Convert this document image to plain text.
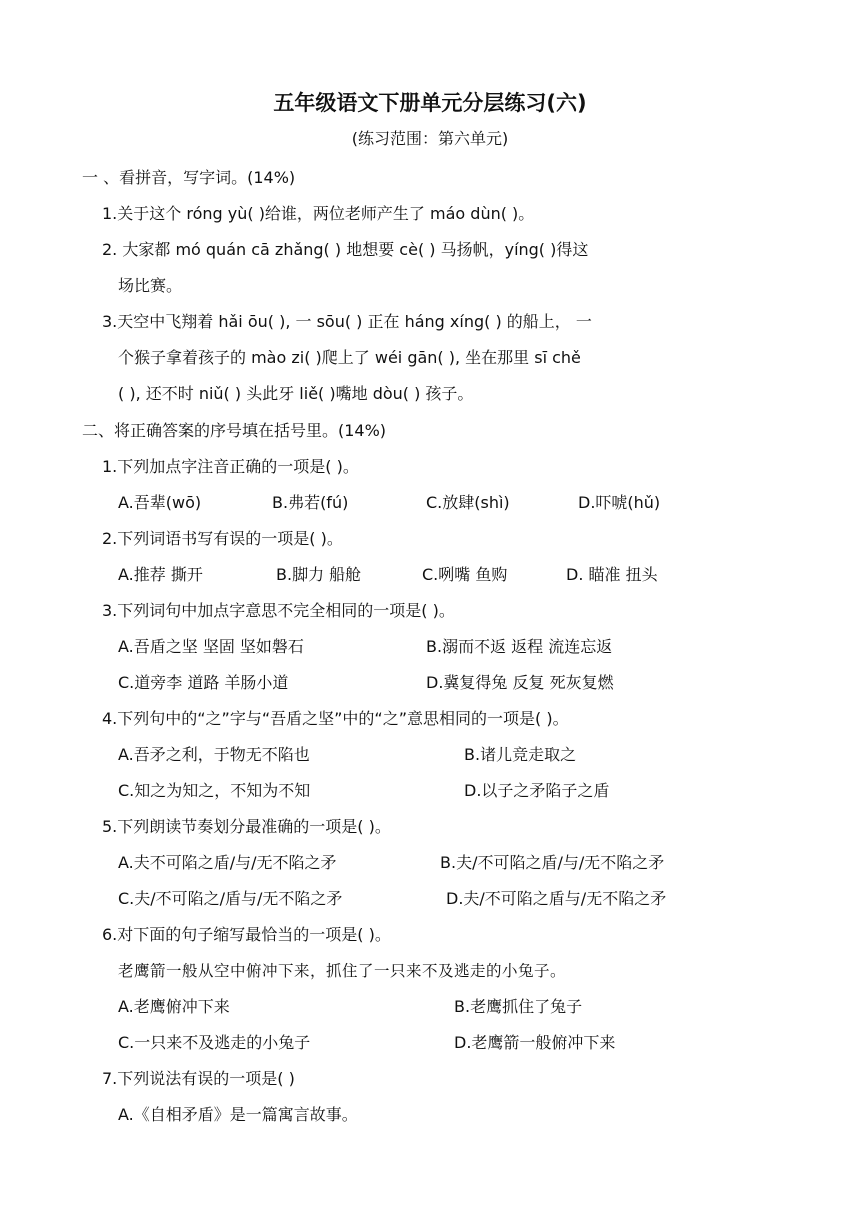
五年级语文下册单元分层练习(六)
(练习范围：第六单元)
一 、看拼音，写字词。(14%)
1.关于这个 róng yù( )给谁，两位老师产生了 máo dùn( )。
2. 大家都 mó quán cā zhǎng( ) 地想要 cè( ) 马扬帆，yíng( )得这
场比赛。
3.天空中飞翔着 hǎi ōu( ), 一 sōu( ) 正在 háng xíng( ) 的船上， 一
个猴子拿着孩子的 mào zi( )爬上了 wéi gān( ), 坐在那里 sī chě
( ), 还不时 niǔ( ) 头此牙 liě( )嘴地 dòu( ) 孩子。
二、将正确答案的序号填在括号里。(14%)
1.下列加点字注音正确的一项是( )。
A.吾辈(wō)	B.弗若(fú)	C.放肆(shì)	D.吓唬(hǔ)
2.下列词语书写有误的一项是( )。
A.推荐 撕开	B.脚力 船舱	C.咧嘴 鱼购	D. 瞄准 扭头
3.下列词句中加点字意思不完全相同的一项是( )。
A.吾盾之坚 坚固 坚如磐石	B.溺而不返 返程 流连忘返
C.道旁李 道路 羊肠小道	D.冀复得兔 反复 死灰复燃
4.下列句中的“之”字与“吾盾之坚”中的“之”意思相同的一项是( )。
A.吾矛之利，于物无不陷也	B.诸儿竞走取之
C.知之为知之，不知为不知	D.以子之矛陷子之盾
5.下列朗读节奏划分最准确的一项是( )。
A.夫不可陷之盾/与/无不陷之矛	B.夫/不可陷之盾/与/无不陷之矛
C.夫/不可陷之/盾与/无不陷之矛	D.夫/不可陷之盾与/无不陷之矛
6.对下面的句子缩写最恰当的一项是( )。
老鹰箭一般从空中俯冲下来，抓住了一只来不及逃走的小兔子。
A.老鹰俯冲下来	B.老鹰抓住了兔子
C.一只来不及逃走的小兔子	D.老鹰箭一般俯冲下来
7.下列说法有误的一项是( )
A.《自相矛盾》是一篇寓言故事。
